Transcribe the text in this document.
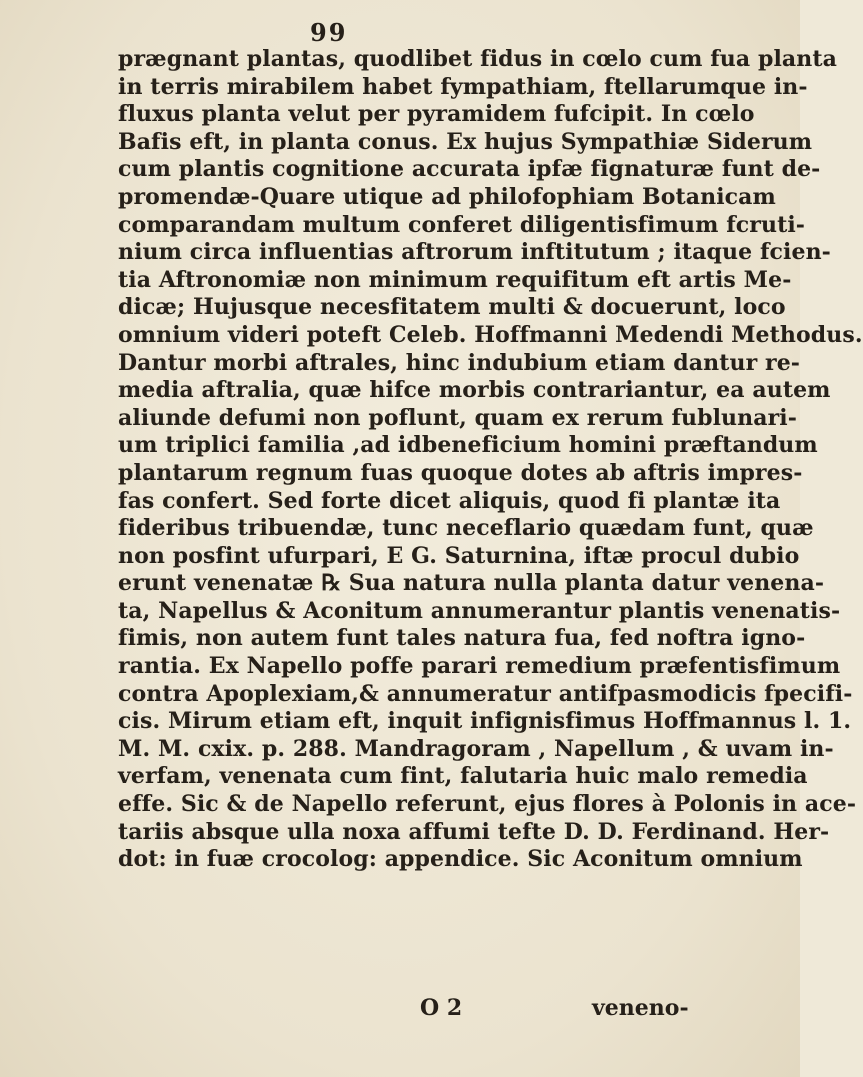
99
prægnant plantas, quodlibet fidus in cœlo cum fua planta
in terris mirabilem habet fympathiam, ftellarumque in-
fluxus planta velut per pyramidem fufcipit. In cœlo
Bafis eft, in planta conus. Ex hujus Sympathiæ Siderum
cum plantis cognitione accurata ipfæ fignaturæ funt de-
promendæ-Quare utique ad philofophiam Botanicam
comparandam multum conferet diligentisfimum fcruti-
nium circa influentias aftrorum inftitutum ; itaque fcien-
tia Aftronomiæ non minimum requifitum eft artis Me-
dicæ; Hujusque necesfitatem multi & docuerunt, loco
omnium videri poteft Celeb. Hoffmanni Medendi Methodus.
Dantur morbi aftrales, hinc indubium etiam dantur re-
media aftralia, quæ hifce morbis contrariantur, ea autem
aliunde defumi non poflunt, quam ex rerum fublunari-
um triplici familia ,ad idbeneficium homini præftandum
plantarum regnum fuas quoque dotes ab aftris impres-
fas confert. Sed forte dicet aliquis, quod fi plantæ ita
fideribus tribuendæ, tunc neceflario quædam funt, quæ
non posfint ufurpari, E G. Saturnina, iftæ procul dubio
erunt venenatæ ℞ Sua natura nulla planta datur venena-
ta, Napellus & Aconitum annumerantur plantis venenatis-
fimis, non autem funt tales natura fua, fed noftra igno-
rantia. Ex Napello poffe parari remedium præfentisfimum
contra Apoplexiam,& annumeratur antifpasmodicis fpecifi-
cis. Mirum etiam eft, inquit infignisfimus Hoffmannus l. 1.
M. M. cxix. p. 288. Mandragoram , Napellum , & uvam in-
verfam, venenata cum fint, falutaria huic malo remedia
effe. Sic & de Napello referunt, ejus flores à Polonis in ace-
tariis absque ulla noxa affumi tefte D. D. Ferdinand. Her-
dot: in fuæ crocolog: appendice. Sic Aconitum omnium
O 2	veneno-
